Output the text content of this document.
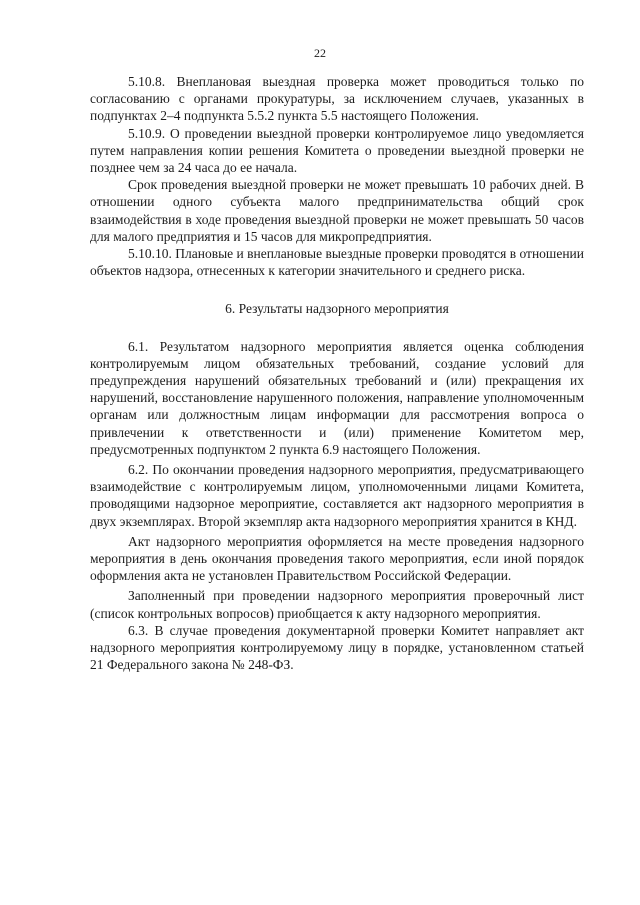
22

5.10.8. Внеплановая выездная проверка может проводиться только по согласованию с органами прокуратуры, за исключением случаев, указанных в подпунктах 2–4 подпункта 5.5.2 пункта 5.5 настоящего Положения.

5.10.9. О проведении выездной проверки контролируемое лицо уведомляется путем направления копии решения Комитета о проведении выездной проверки не позднее чем за 24 часа до ее начала.

Срок проведения выездной проверки не может превышать 10 рабочих дней. В отношении одного субъекта малого предпринимательства общий срок взаимодействия в ходе проведения выездной проверки не может превышать 50 часов для малого предприятия и 15 часов для микропредприятия.

5.10.10. Плановые и внеплановые выездные проверки проводятся в отношении объектов надзора, отнесенных к категории значительного и среднего риска.

6. Результаты надзорного мероприятия

6.1. Результатом надзорного мероприятия является оценка соблюдения контролируемым лицом обязательных требований, создание условий для предупреждения нарушений обязательных требований и (или) прекращения их нарушений, восстановление нарушенного положения, направление уполномоченным органам или должностным лицам информации для рассмотрения вопроса о привлечении к ответственности и (или) применение Комитетом мер, предусмотренных подпунктом 2 пункта 6.9 настоящего Положения.

6.2. По окончании проведения надзорного мероприятия, предусматривающего взаимодействие с контролируемым лицом, уполномоченными лицами Комитета, проводящими надзорное мероприятие, составляется акт надзорного мероприятия в двух экземплярах. Второй экземпляр акта надзорного мероприятия хранится в КНД.

Акт надзорного мероприятия оформляется на месте проведения надзорного мероприятия в день окончания проведения такого мероприятия, если иной порядок оформления акта не установлен Правительством Российской Федерации.

Заполненный при проведении надзорного мероприятия проверочный лист (список контрольных вопросов) приобщается к акту надзорного мероприятия.

6.3. В случае проведения документарной проверки Комитет направляет акт надзорного мероприятия контролируемому лицу в порядке, установленном статьей 21 Федерального закона № 248-ФЗ.
